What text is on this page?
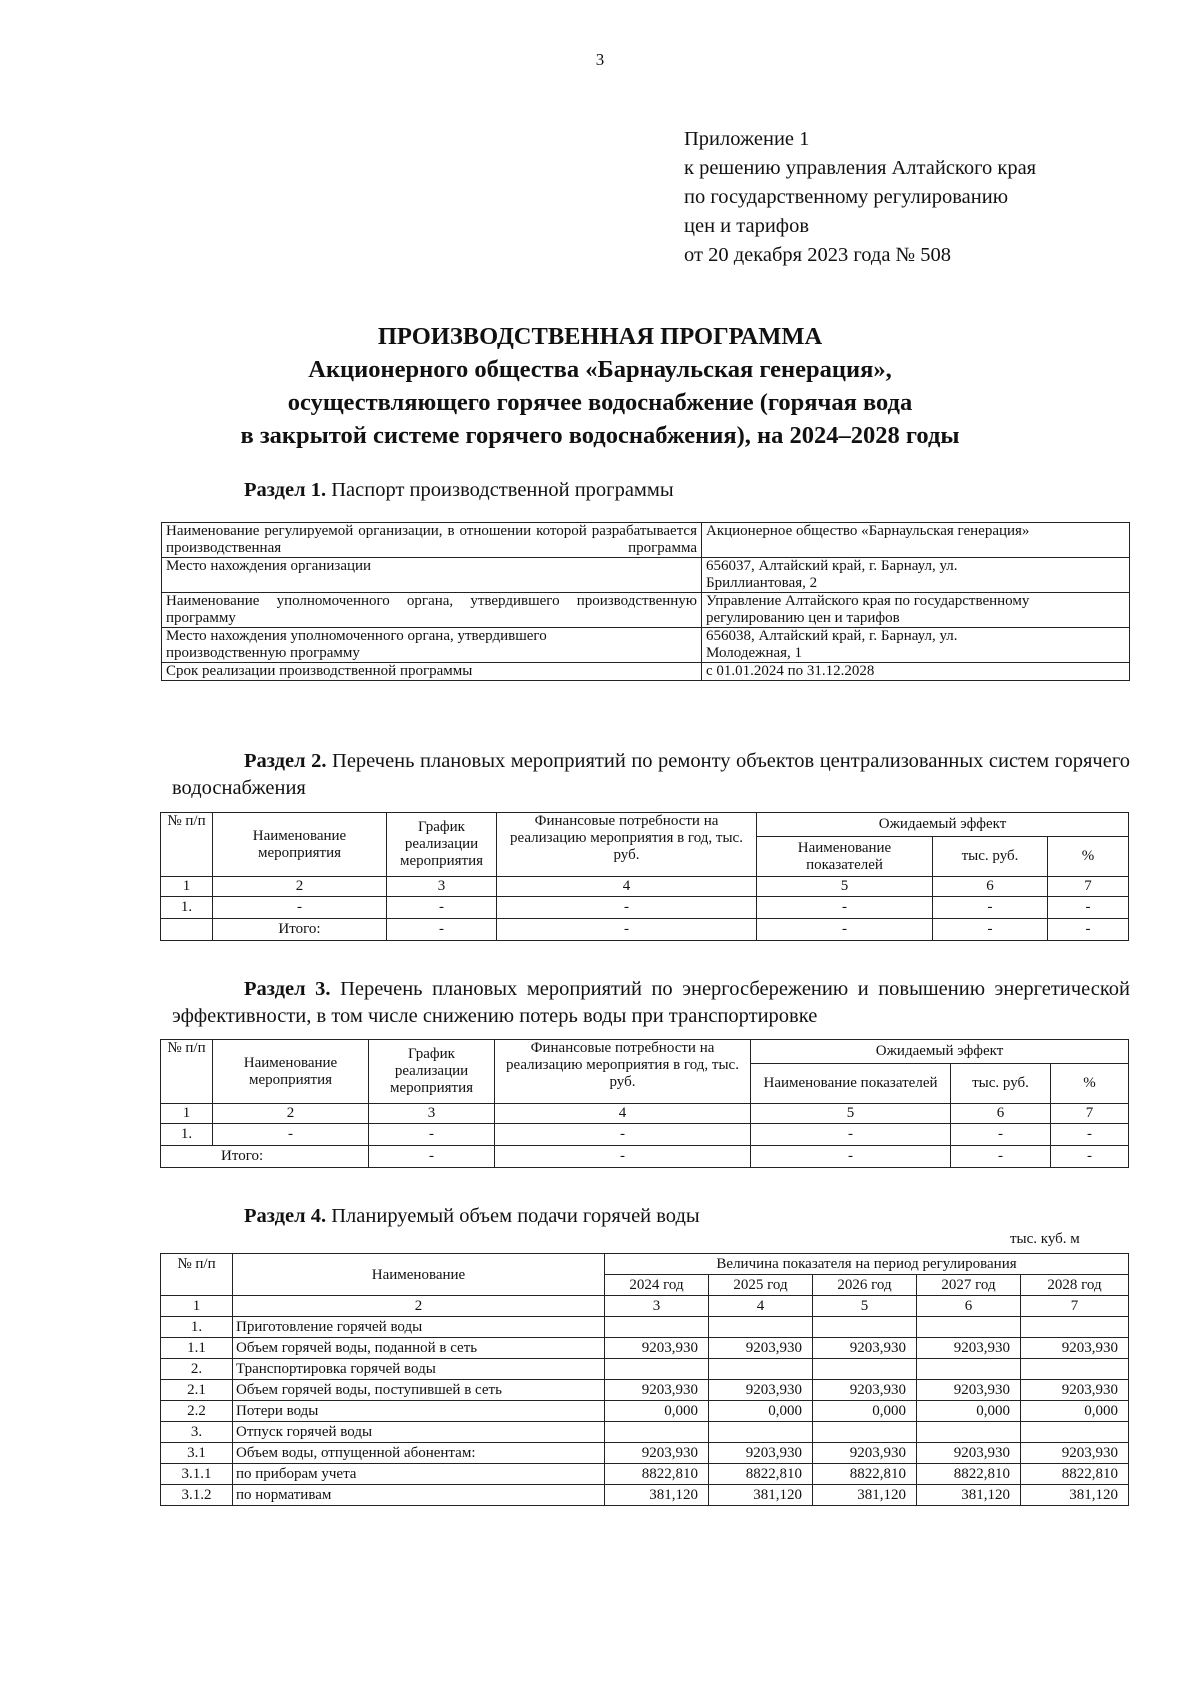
3
Приложение 1
к решению управления Алтайского края
по государственному регулированию
цен и тарифов
от 20 декабря 2023 года № 508
ПРОИЗВОДСТВЕННАЯ ПРОГРАММА
Акционерного общества «Барнаульская генерация»,
осуществляющего горячее водоснабжение (горячая вода
в закрытой системе горячего водоснабжения), на 2024–2028 годы
Раздел 1. Паспорт производственной программы
Наименование регулируемой организации, в отношении которой разрабатывается производственная программа	Акционерное общество «Барнаульская генерация»
Место нахождения организации	656037, Алтайский край, г. Барнаул, ул. Бриллиантовая, 2
Наименование уполномоченного органа, утвердившего производственную программу	Управление Алтайского края по государственному регулированию цен и тарифов
Место нахождения уполномоченного органа, утвердившего производственную программу	656038, Алтайский край, г. Барнаул, ул. Молодежная, 1
Срок реализации производственной программы	с 01.01.2024 по 31.12.2028
Раздел 2. Перечень плановых мероприятий по ремонту объектов централизованных систем горячего водоснабжения
№ п/п	Наименование мероприятия	График реализации мероприятия	Финансовые потребности на реализацию мероприятия в год, тыс. руб.	Ожидаемый эффект		
				Наименование показателей	тыс. руб.	%
1	2	3	4	5	6	7
1.	-	-	-	-	-	-
	Итого:	-	-	-	-	-
Раздел 3. Перечень плановых мероприятий по энергосбережению и повышению энергетической эффективности, в том числе снижению потерь воды при транспортировке
№ п/п	Наименование мероприятия	График реализации мероприятия	Финансовые потребности на реализацию мероприятия в год, тыс. руб.	Ожидаемый эффект		
				Наименование показателей	тыс. руб.	%
1	2	3	4	5	6	7
1.	-	-	-	-	-	-
Итого:		-	-	-	-	-
Раздел 4. Планируемый объем подачи горячей воды
тыс. куб. м
№ п/п	Наименование	Величина показателя на период регулирования				
		2024 год	2025 год	2026 год	2027 год	2028 год
1	2	3	4	5	6	7
1.	Приготовление горячей воды					
1.1	Объем горячей воды, поданной в сеть	9203,930	9203,930	9203,930	9203,930	9203,930
2.	Транспортировка горячей воды					
2.1	Объем горячей воды, поступившей в сеть	9203,930	9203,930	9203,930	9203,930	9203,930
2.2	Потери воды	0,000	0,000	0,000	0,000	0,000
3.	Отпуск горячей воды					
3.1	Объем воды, отпущенной абонентам:	9203,930	9203,930	9203,930	9203,930	9203,930
3.1.1	по приборам учета	8822,810	8822,810	8822,810	8822,810	8822,810
3.1.2	по нормативам	381,120	381,120	381,120	381,120	381,120
